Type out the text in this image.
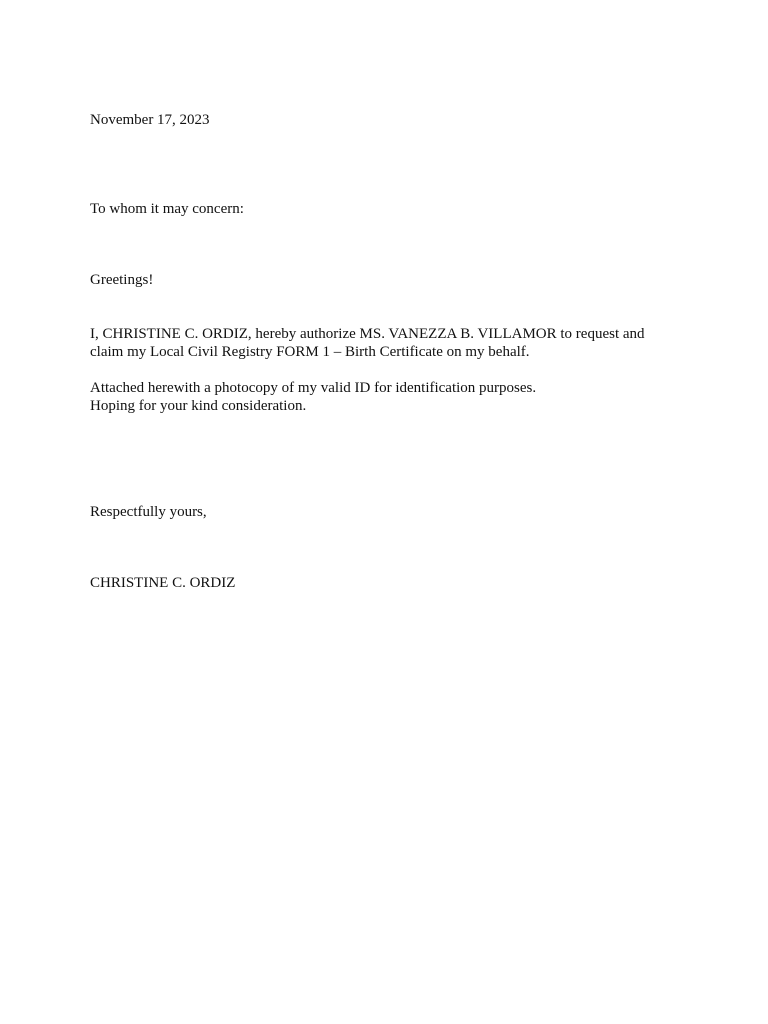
November 17, 2023

To whom it may concern:

Greetings!

I, CHRISTINE C. ORDIZ, hereby authorize MS. VANEZZA B. VILLAMOR to request and

claim my Local Civil Registry FORM 1 – Birth Certificate on my behalf.

Attached herewith a photocopy of my valid ID for identification purposes.

Hoping for your kind consideration.

Respectfully yours,

CHRISTINE C. ORDIZ
